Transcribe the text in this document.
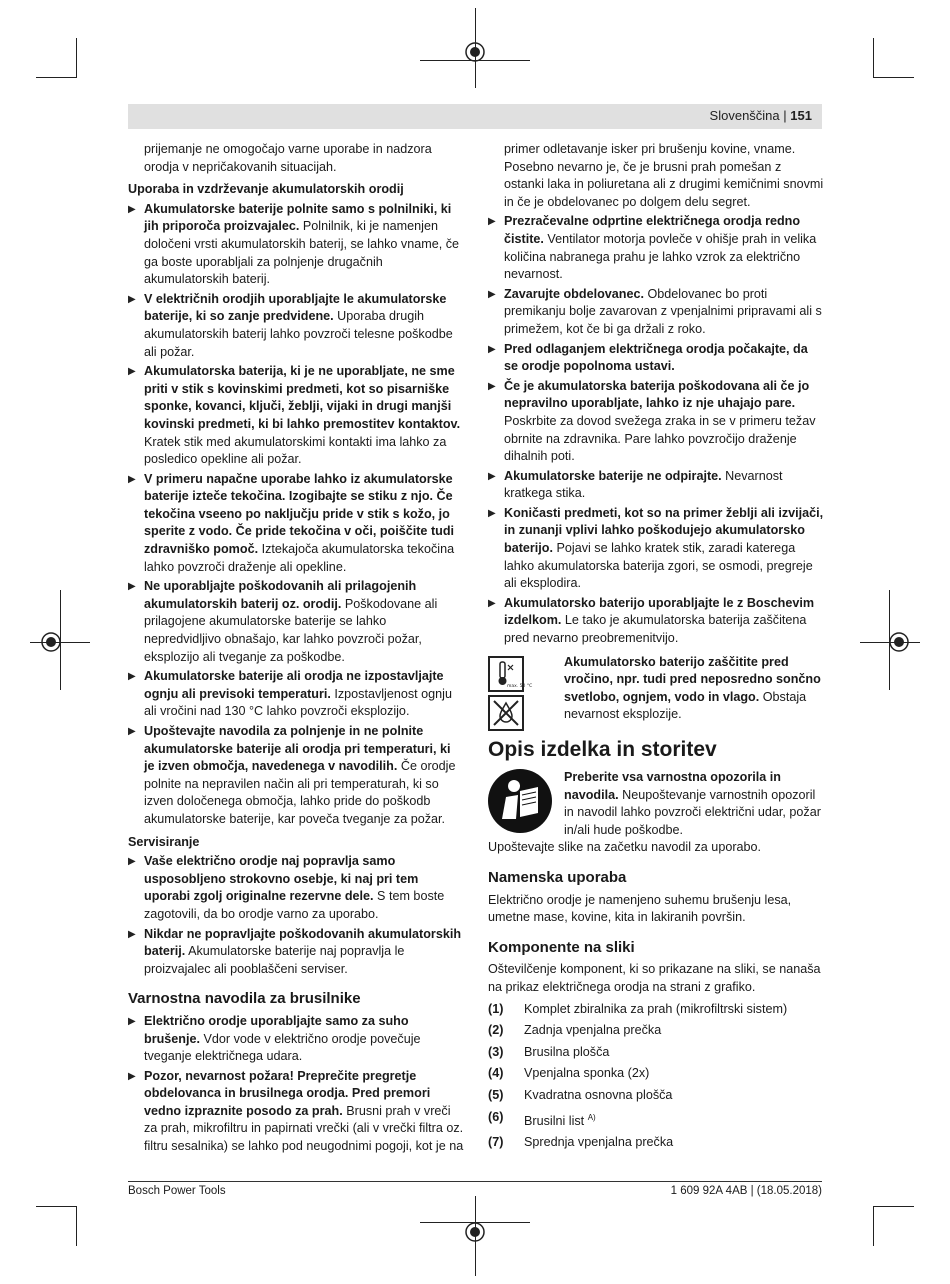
Slovenščina | 151

prijemanje ne omogočajo varne uporabe in nadzora orodja v nepričakovanih situacijah.

Uporaba in vzdrževanje akumulatorskih orodij

▶ Akumulatorske baterije polnite samo s polnilniki, ki jih priporoča proizvajalec. Polnilnik, ki je namenjen določeni vrsti akumulatorskih baterij, se lahko vname, če ga boste uporabljali za polnjenje drugačnih akumulatorskih baterij.
▶ V električnih orodjih uporabljajte le akumulatorske baterije, ki so zanje predvidene. Uporaba drugih akumulatorskih baterij lahko povzroči telesne poškodbe ali požar.
▶ Akumulatorska baterija, ki je ne uporabljate, ne sme priti v stik s kovinskimi predmeti, kot so pisarniške sponke, kovanci, ključi, žeblji, vijaki in drugi manjši kovinski predmeti, ki bi lahko premostitev kontaktov. Kratek stik med akumulatorskimi kontakti ima lahko za posledico opekline ali požar.
▶ V primeru napačne uporabe lahko iz akumulatorske baterije izteče tekočina. Izogibajte se stiku z njo. Če tekočina vseeno po naključju pride v stik s kožo, jo sperite z vodo. Če pride tekočina v oči, poiščite tudi zdravniško pomoč. Iztekajoča akumulatorska tekočina lahko povzroči draženje ali opekline.
▶ Ne uporabljajte poškodovanih ali prilagojenih akumulatorskih baterij oz. orodij. Poškodovane ali prilagojene akumulatorske baterije se lahko nepredvidljivo obnašajo, kar lahko povzroči požar, eksplozijo ali tveganje za poškodbe.
▶ Akumulatorske baterije ali orodja ne izpostavljajte ognju ali previsoki temperaturi. Izpostavljenost ognju ali vročini nad 130 °C lahko povzroči eksplozijo.
▶ Upoštevajte navodila za polnjenje in ne polnite akumulatorske baterije ali orodja pri temperaturi, ki je izven območja, navedenega v navodilih. Če orodje polnite na nepravilen način ali pri temperaturah, ki so izven določenega območja, lahko pride do poškodb akumulatorske baterije, kar poveča tveganje za požar.

Servisiranje

▶ Vaše električno orodje naj popravlja samo usposobljeno strokovno osebje, ki naj pri tem uporabi zgolj originalne rezervne dele. S tem boste zagotovili, da bo orodje varno za uporabo.
▶ Nikdar ne popravljajte poškodovanih akumulatorskih baterij. Akumulatorske baterije naj popravlja le proizvajalec ali pooblaščeni serviser.

Varnostna navodila za brusilnike

▶ Električno orodje uporabljajte samo za suho brušenje. Vdor vode v električno orodje povečuje tveganje električnega udara.
▶ Pozor, nevarnost požara! Preprečite pregretje obdelovanca in brusilnega orodja. Pred premori vedno izpraznite posodo za prah. Brusni prah v vreči za prah, mikrofiltru in papirnati vrečki (ali v vrečki filtra oz. filtru sesalnika) se lahko pod neugodnimi pogoji, kot je na

primer odletavanje isker pri brušenju kovine, vname. Posebno nevarno je, če je brusni prah pomešan z ostanki laka in poliuretana ali z drugimi kemičnimi snovmi in če je obdelovanec po dolgem delu segret.

▶ Prezračevalne odprtine električnega orodja redno čistite. Ventilator motorja povleče v ohišje prah in velika količina nabranega prahu je lahko vzrok za električno nevarnost.
▶ Zavarujte obdelovanec. Obdelovanec bo proti premikanju bolje zavarovan z vpenjalnimi pripravami ali s primežem, kot če bi ga držali z roko.
▶ Pred odlaganjem električnega orodja počakajte, da se orodje popolnoma ustavi.
▶ Če je akumulatorska baterija poškodovana ali če jo nepravilno uporabljate, lahko iz nje uhajajo pare. Poskrbite za dovod svežega zraka in se v primeru težav obrnite na zdravnika. Pare lahko povzročijo draženje dihalnih poti.
▶ Akumulatorske baterije ne odpirajte. Nevarnost kratkega stika.
▶ Koničasti predmeti, kot so na primer žeblji ali izvijači, in zunanji vplivi lahko poškodujejo akumulatorsko baterijo. Pojavi se lahko kratek stik, zaradi katerega lahko akumulatorska baterija zgori, se osmodi, pregreje ali eksplodira.
▶ Akumulatorsko baterijo uporabljajte le z Boschevim izdelkom. Le tako je akumulatorska baterija zaščitena pred nevarno preobremenitvijo.
max. 50 °C
Akumulatorsko baterijo zaščitite pred vročino, npr. tudi pred neposredno sončno svetlobo, ognjem, vodo in vlago. Obstaja nevarnost eksplozije.

Opis izdelka in storitev

Preberite vsa varnostna opozorila in navodila. Neupoštevanje varnostnih opozoril in navodil lahko povzroči električni udar, požar in/ali hude poškodbe.

Upoštevajte slike na začetku navodil za uporabo.

Namenska uporaba

Električno orodje je namenjeno suhemu brušenju lesa, umetne mase, kovine, kita in lakiranih površin.

Komponente na sliki

Oštevilčenje komponent, ki so prikazane na sliki, se nanaša na prikaz električnega orodja na strani z grafiko.

(1)	Komplet zbiralnika za prah (mikrofiltrski sistem)
(2)	Zadnja vpenjalna prečka
(3)	Brusilna plošča
(4)	Vpenjalna sponka (2x)
(5)	Kvadratna osnovna plošča
(6)	Brusilni list $^{A)}$
(7)	Sprednja vpenjalna prečka
Bosch Power Tools	1 609 92A 4AB | (18.05.2018)
